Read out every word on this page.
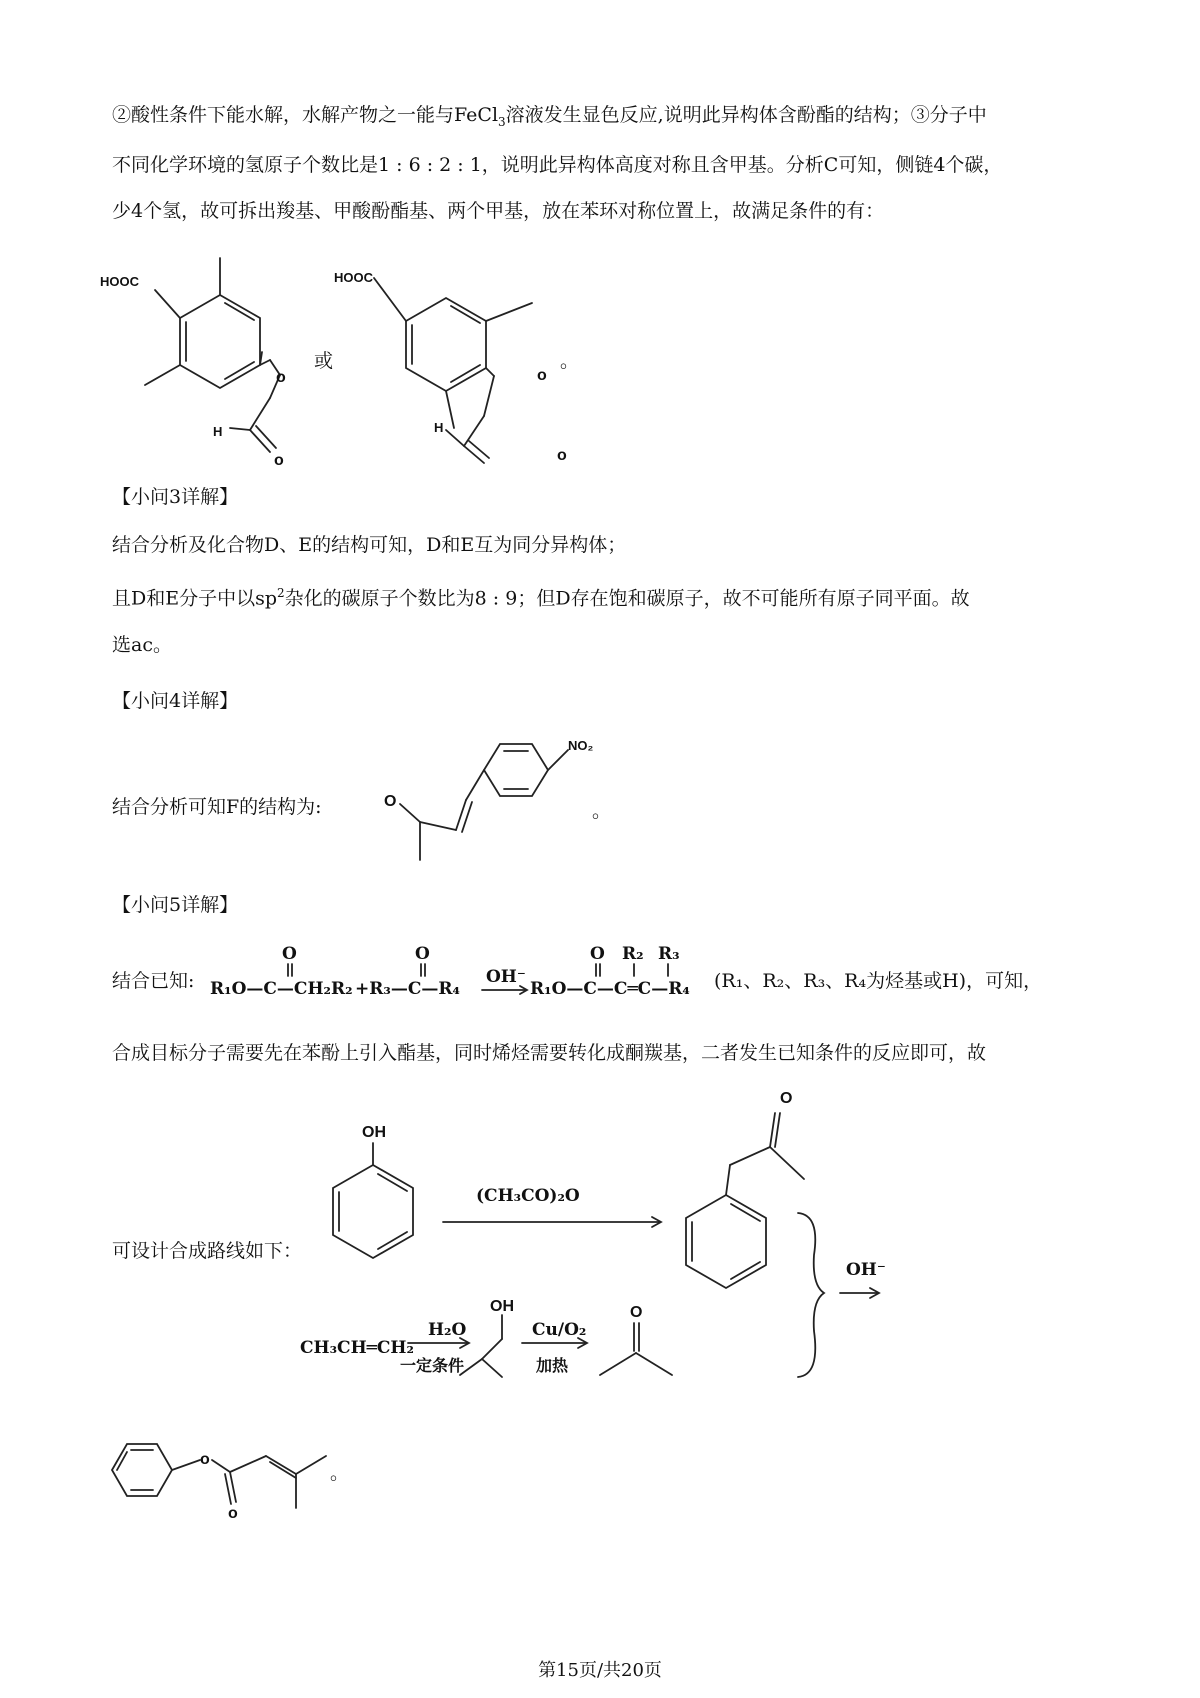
②酸性条件下能水解，水解产物之一能与FeCl$_3$溶液发生显色反应,说明此异构体含酚酯的结构；③分子中
不同化学环境的氢原子个数比是1 : 6 : 2 : 1，说明此异构体高度对称且含甲基。分析C可知，侧链4个碳，
少4个氢，故可拆出羧基、甲酸酚酯基、两个甲基，放在苯环对称位置上，故满足条件的有：
HOOC
H
o
o
或
HOOC
H
o
o
。
【小问3详解】
结合分析及化合物D、E的结构可知，D和E互为同分异构体；
且D和E分子中以$sp^2$杂化的碳原子个数比为8 : 9；但D存在饱和碳原子，故不可能所有原子同平面。故
选ac。
【小问4详解】
结合分析可知F的结构为:
NO₂
O	。
【小问5详解】
结合已知:
O	O	O R₂ R₃
R₁O—C—CH₂R₂ +R₃—C—R₄
OH⁻
R₁O—C—C═C—R₄ (R₁、R₂、R₃、R₄为烃基或H)，可知，
合成目标分子需要先在苯酚上引入酯基，同时烯烃需要转化成酮羰基，二者发生已知条件的反应即可，故
可设计合成路线如下：
OH
(CH₃CO)₂O
O
OH⁻
CH₃CH═CH₂
H₂O
一定条件
OH
Cu/O₂
加热
O
o
o
。
第15页/共20页
